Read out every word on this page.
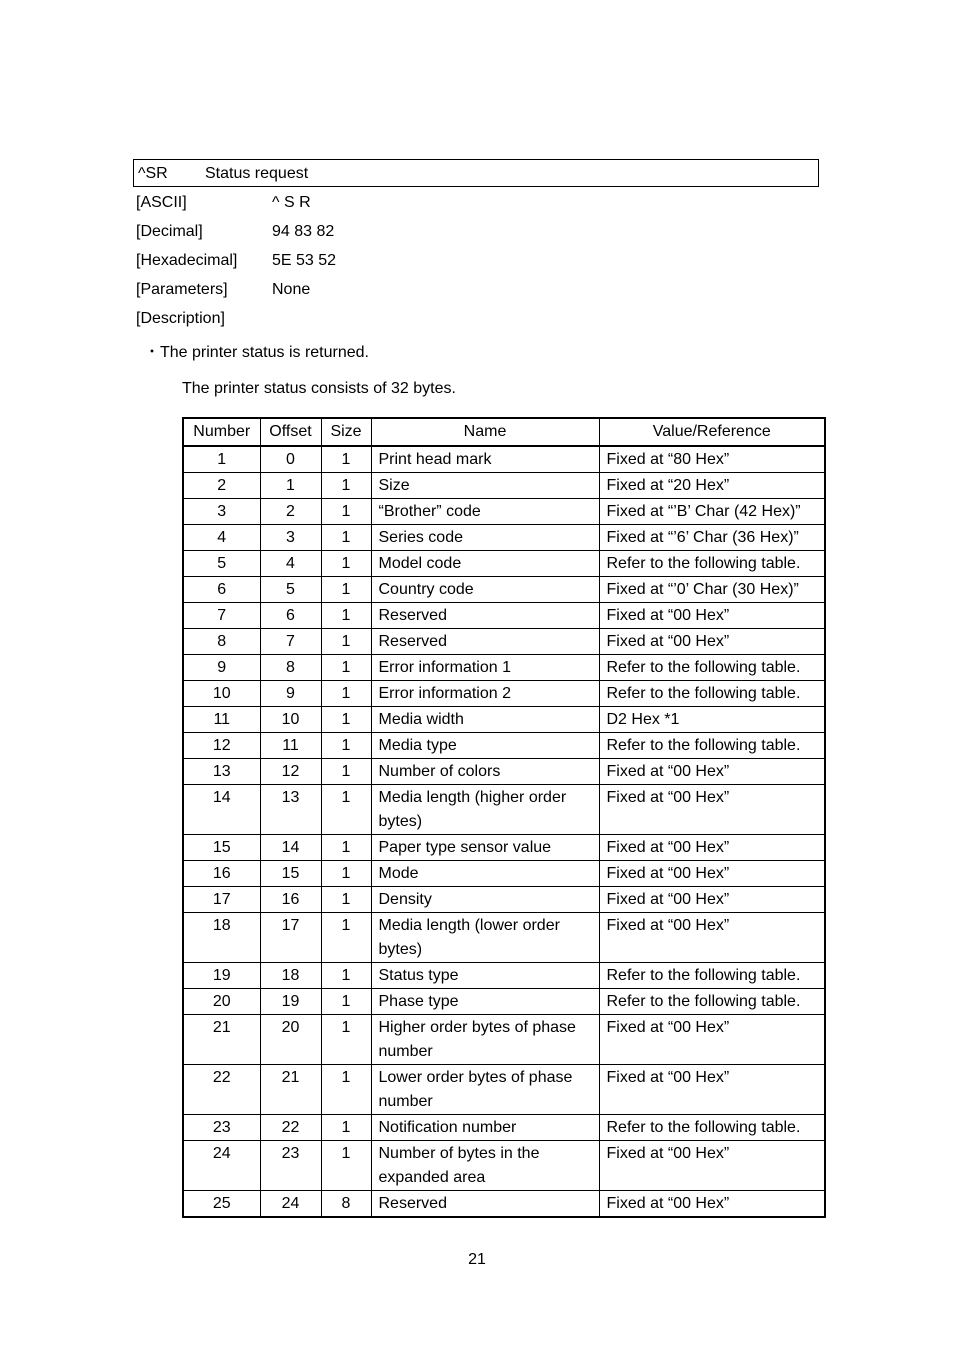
^SR Status request
[ASCII]	^ S R
[Decimal]	94 83 82
[Hexadecimal] 5E 53 52
[Parameters]	None
[Description]
・The printer status is returned.
The printer status consists of 32 bytes.
Number	Offset	Size	Name	Value/Reference
1	0	1	Print head mark	Fixed at “80 Hex”
2	1	1	Size	Fixed at “20 Hex”
3	2	1	“Brother” code	Fixed at “’B’ Char (42 Hex)”
4	3	1	Series code	Fixed at “’6’ Char (36 Hex)”
5	4	1	Model code	Refer to the following table.
6	5	1	Country code	Fixed at “’0’ Char (30 Hex)”
7	6	1	Reserved	Fixed at “00 Hex”
8	7	1	Reserved	Fixed at “00 Hex”
9	8	1	Error information 1	Refer to the following table.
10	9	1	Error information 2	Refer to the following table.
11	10	1	Media width	D2 Hex *1
12	11	1	Media type	Refer to the following table.
13	12	1	Number of colors	Fixed at “00 Hex”
14	13	1	Media length (higher order bytes)	Fixed at “00 Hex”
15	14	1	Paper type sensor value	Fixed at “00 Hex”
16	15	1	Mode	Fixed at “00 Hex”
17	16	1	Density	Fixed at “00 Hex”
18	17	1	Media length (lower order bytes)	Fixed at “00 Hex”
19	18	1	Status type	Refer to the following table.
20	19	1	Phase type	Refer to the following table.
21	20	1	Higher order bytes of phase number	Fixed at “00 Hex”
22	21	1	Lower order bytes of phase number	Fixed at “00 Hex”
23	22	1	Notification number	Refer to the following table.
24	23	1	Number of bytes in the expanded area	Fixed at “00 Hex”
25	24	8	Reserved	Fixed at “00 Hex”
21
